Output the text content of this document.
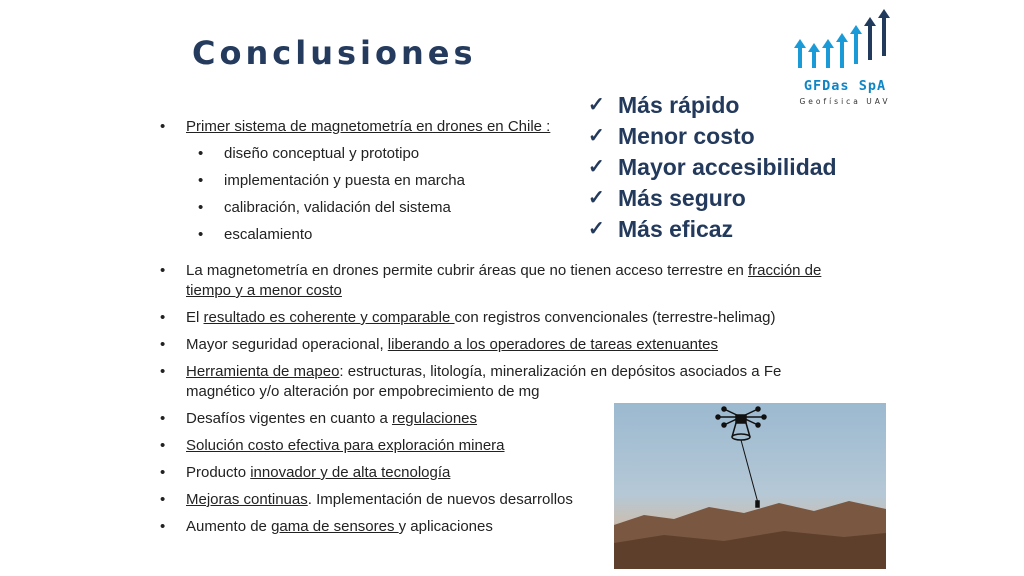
Conclusiones
GFDas SpA
Geofísica UAV
✓ Más rápido
✓ Menor costo
✓ Mayor accesibilidad
✓ Más seguro
✓ Más eficaz
• Primer sistema de magnetometría en drones en Chile :
• diseño conceptual y prototipo
• implementación y puesta en marcha
• calibración, validación del sistema
• escalamiento
• La magnetometría en drones permite cubrir áreas que no tienen acceso terrestre en fracción de tiempo y a menor costo
• El resultado es coherente y comparable con registros convencionales (terrestre-helimag)
• Mayor seguridad operacional, liberando a los operadores de tareas extenuantes
• Herramienta de mapeo: estructuras, litología, mineralización en depósitos asociados a Fe magnético y/o alteración por empobrecimiento de mg
• Desafíos vigentes en cuanto a regulaciones
• Solución costo efectiva para exploración minera
• Producto innovador y de alta tecnología
• Mejoras continuas. Implementación de nuevos desarrollos
• Aumento de gama de sensores y aplicaciones
